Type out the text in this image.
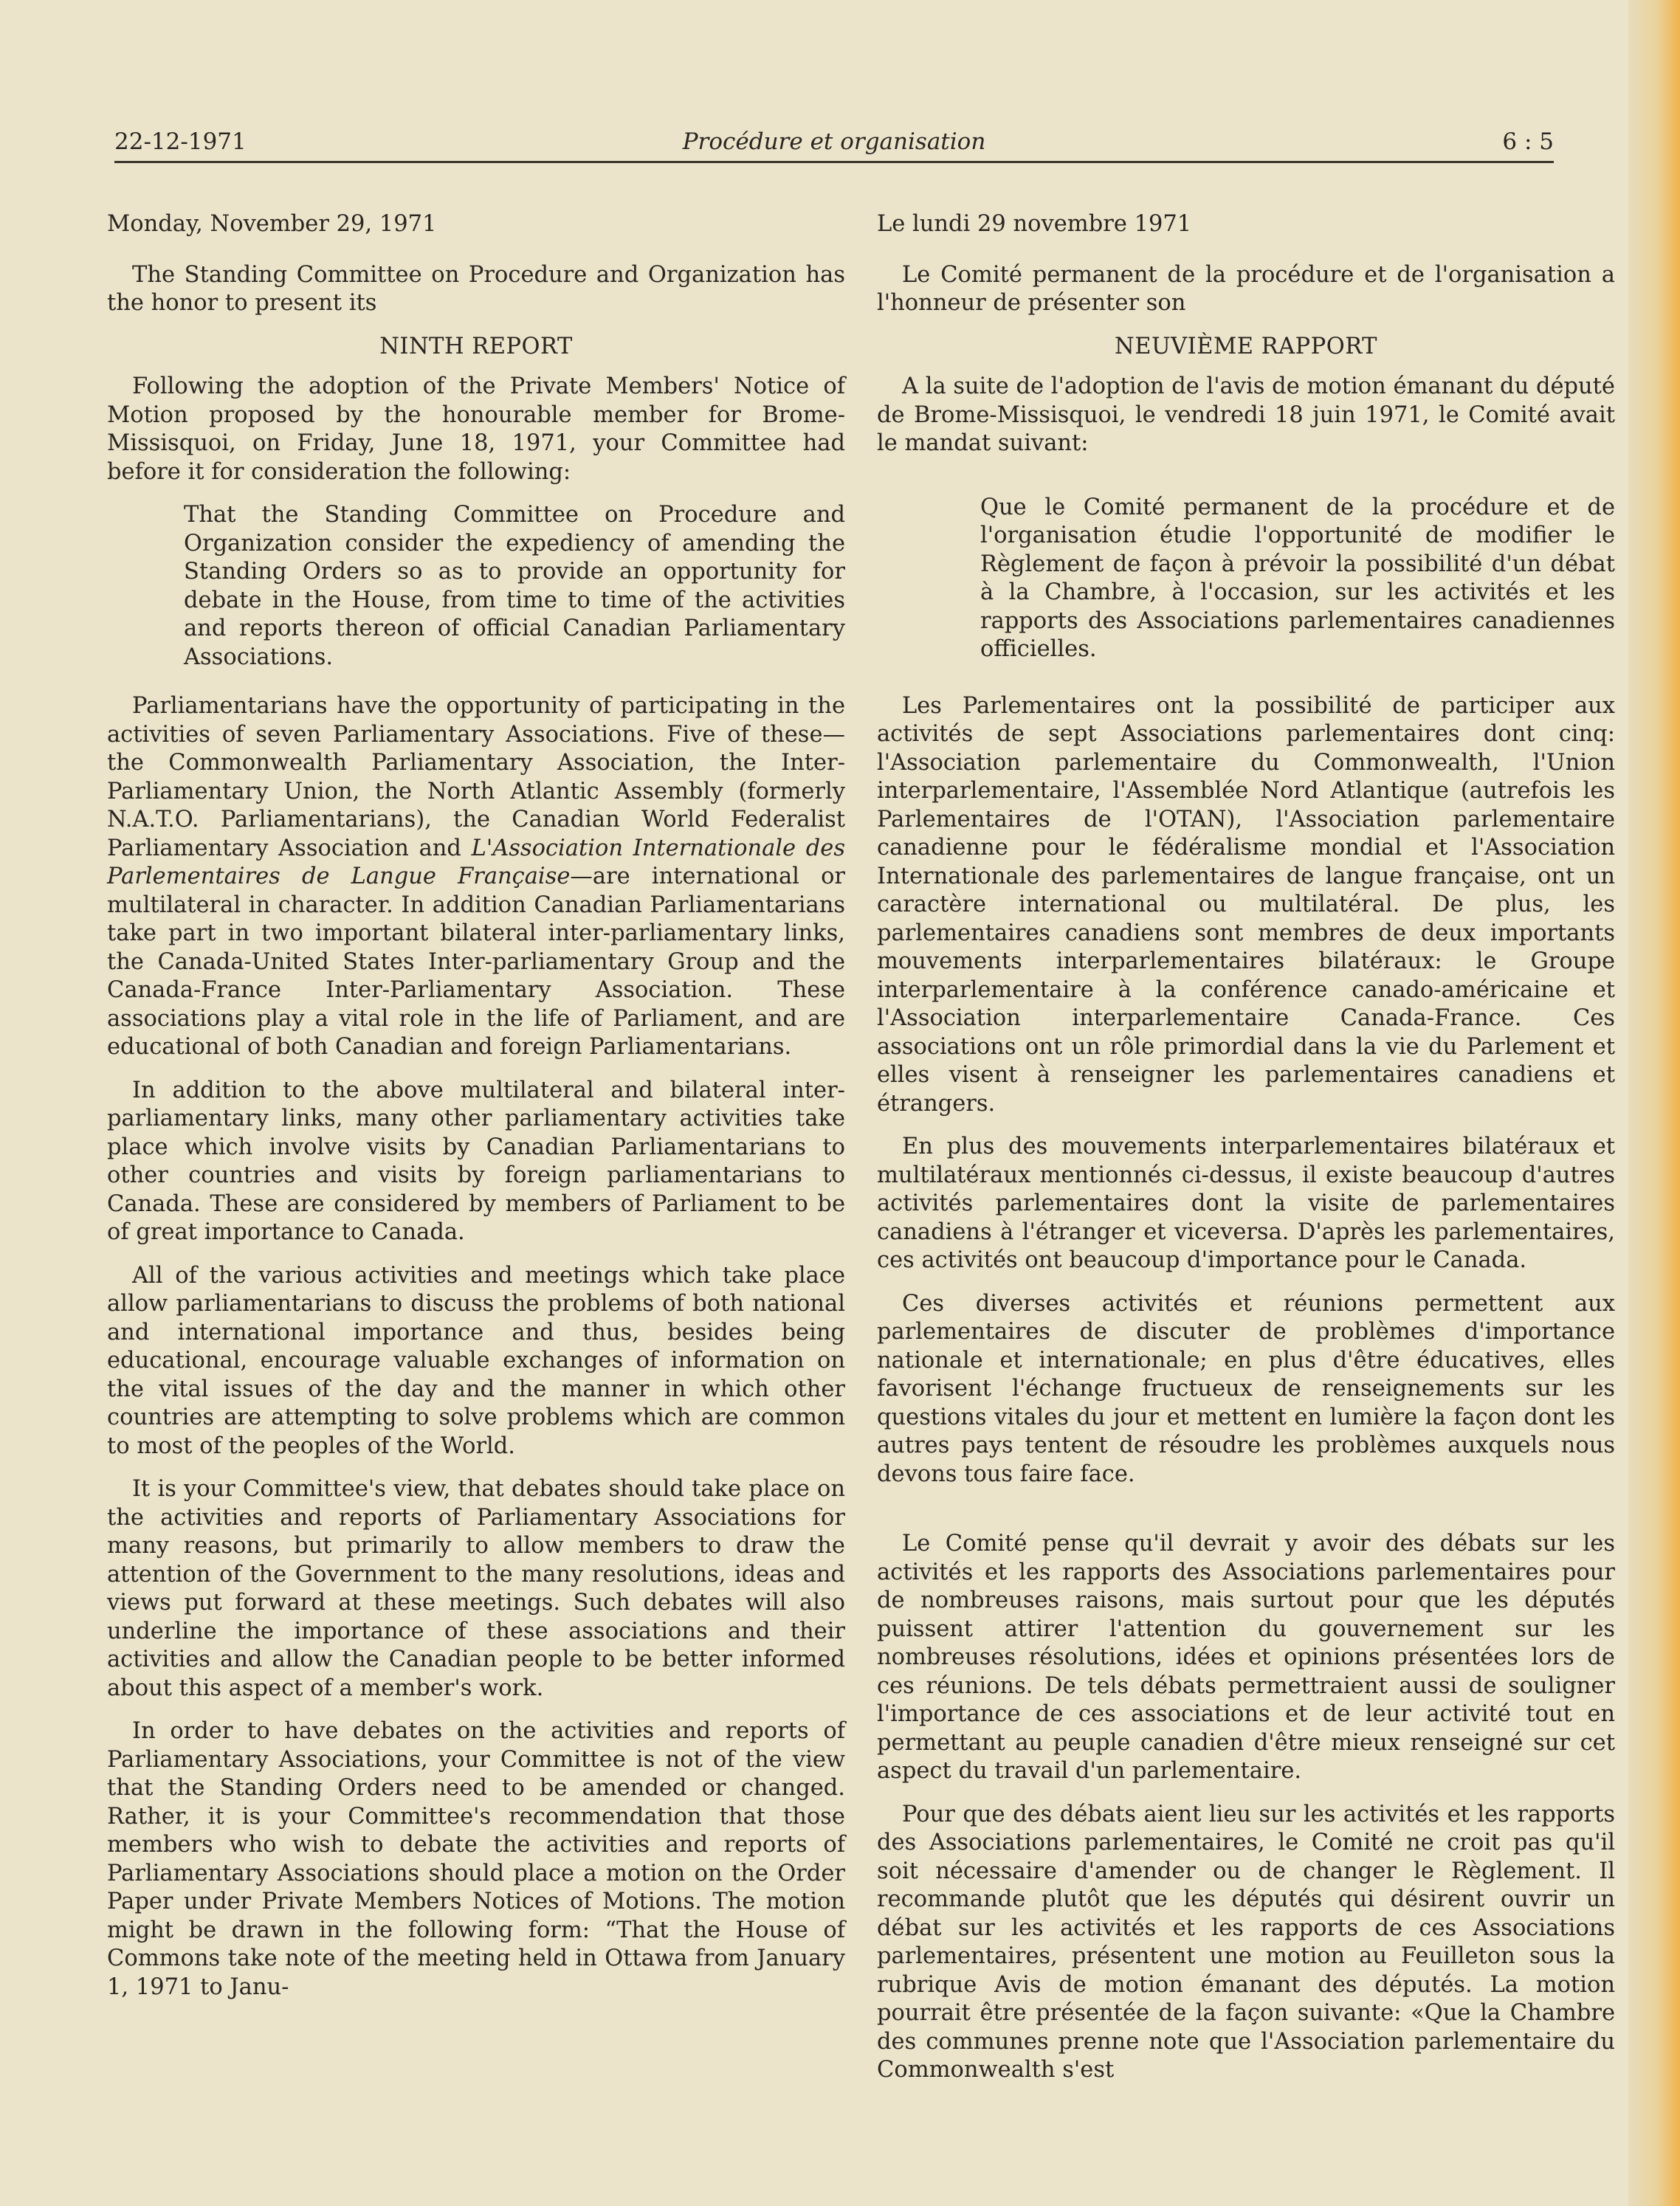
Procédure et organisation
22-12-1971	6 : 5

Monday, November 29, 1971

The Standing Committee on Procedure and Organization has the honor to present its

NINTH REPORT

Following the adoption of the Private Members' Notice of Motion proposed by the honourable member for Brome-Missisquoi, on Friday, June 18, 1971, your Committee had before it for consideration the following:

That the Standing Committee on Procedure and Organization consider the expediency of amending the Standing Orders so as to provide an opportunity for debate in the House, from time to time of the activities and reports thereon of official Canadian Parliamentary Associations.

Parliamentarians have the opportunity of participating in the activities of seven Parliamentary Associations. Five of these—the Commonwealth Parliamentary Association, the Inter-Parliamentary Union, the North Atlantic Assembly (formerly N.A.T.O. Parliamentarians), the Canadian World Federalist Parliamentary Association and L'Association Internationale des Parlementaires de Langue Française—are international or multilateral in character. In addition Canadian Parliamentarians take part in two important bilateral inter-parliamentary links, the Canada-United States Inter-parliamentary Group and the Canada-France Inter-Parliamentary Association. These associations play a vital role in the life of Parliament, and are educational of both Canadian and foreign Parliamentarians.

In addition to the above multilateral and bilateral inter-parliamentary links, many other parliamentary activities take place which involve visits by Canadian Parliamentarians to other countries and visits by foreign parliamentarians to Canada. These are considered by members of Parliament to be of great importance to Canada.

All of the various activities and meetings which take place allow parliamentarians to discuss the problems of both national and international importance and thus, besides being educational, encourage valuable exchanges of information on the vital issues of the day and the manner in which other countries are attempting to solve problems which are common to most of the peoples of the World.

It is your Committee's view, that debates should take place on the activities and reports of Parliamentary Associations for many reasons, but primarily to allow members to draw the attention of the Government to the many resolutions, ideas and views put forward at these meetings. Such debates will also underline the importance of these associations and their activities and allow the Canadian people to be better informed about this aspect of a member's work.

In order to have debates on the activities and reports of Parliamentary Associations, your Committee is not of the view that the Standing Orders need to be amended or changed. Rather, it is your Committee's recommendation that those members who wish to debate the activities and reports of Parliamentary Associations should place a motion on the Order Paper under Private Members Notices of Motions. The motion might be drawn in the following form: “That the House of Commons take note of the meeting held in Ottawa from January 1, 1971 to Janu-

Le lundi 29 novembre 1971

Le Comité permanent de la procédure et de l'organisation a l'honneur de présenter son

NEUVIÈME RAPPORT

A la suite de l'adoption de l'avis de motion émanant du député de Brome-Missisquoi, le vendredi 18 juin 1971, le Comité avait le mandat suivant:

Que le Comité permanent de la procédure et de l'organisation étudie l'opportunité de modifier le Règlement de façon à prévoir la possibilité d'un débat à la Chambre, à l'occasion, sur les activités et les rapports des Associations parlementaires canadiennes officielles.

Les Parlementaires ont la possibilité de participer aux activités de sept Associations parlementaires dont cinq: l'Association parlementaire du Commonwealth, l'Union interparlementaire, l'Assemblée Nord Atlantique (autrefois les Parlementaires de l'OTAN), l'Association parlementaire canadienne pour le fédéralisme mondial et l'Association Internationale des parlementaires de langue française, ont un caractère international ou multilatéral. De plus, les parlementaires canadiens sont membres de deux importants mouvements interparlementaires bilatéraux: le Groupe interparlementaire à la conférence canado-américaine et l'Association interparlementaire Canada-France. Ces associations ont un rôle primordial dans la vie du Parlement et elles visent à renseigner les parlementaires canadiens et étrangers.

En plus des mouvements interparlementaires bilatéraux et multilatéraux mentionnés ci-dessus, il existe beaucoup d'autres activités parlementaires dont la visite de parlementaires canadiens à l'étranger et viceversa. D'après les parlementaires, ces activités ont beaucoup d'importance pour le Canada.

Ces diverses activités et réunions permettent aux parlementaires de discuter de problèmes d'importance nationale et internationale; en plus d'être éducatives, elles favorisent l'échange fructueux de renseignements sur les questions vitales du jour et mettent en lumière la façon dont les autres pays tentent de résoudre les problèmes auxquels nous devons tous faire face.

Le Comité pense qu'il devrait y avoir des débats sur les activités et les rapports des Associations parlementaires pour de nombreuses raisons, mais surtout pour que les députés puissent attirer l'attention du gouvernement sur les nombreuses résolutions, idées et opinions présentées lors de ces réunions. De tels débats permettraient aussi de souligner l'importance de ces associations et de leur activité tout en permettant au peuple canadien d'être mieux renseigné sur cet aspect du travail d'un parlementaire.

Pour que des débats aient lieu sur les activités et les rapports des Associations parlementaires, le Comité ne croit pas qu'il soit nécessaire d'amender ou de changer le Règlement. Il recommande plutôt que les députés qui désirent ouvrir un débat sur les activités et les rapports de ces Associations parlementaires, présentent une motion au Feuilleton sous la rubrique Avis de motion émanant des députés. La motion pourrait être présentée de la façon suivante: «Que la Chambre des communes prenne note que l'Association parlementaire du Commonwealth s'est
